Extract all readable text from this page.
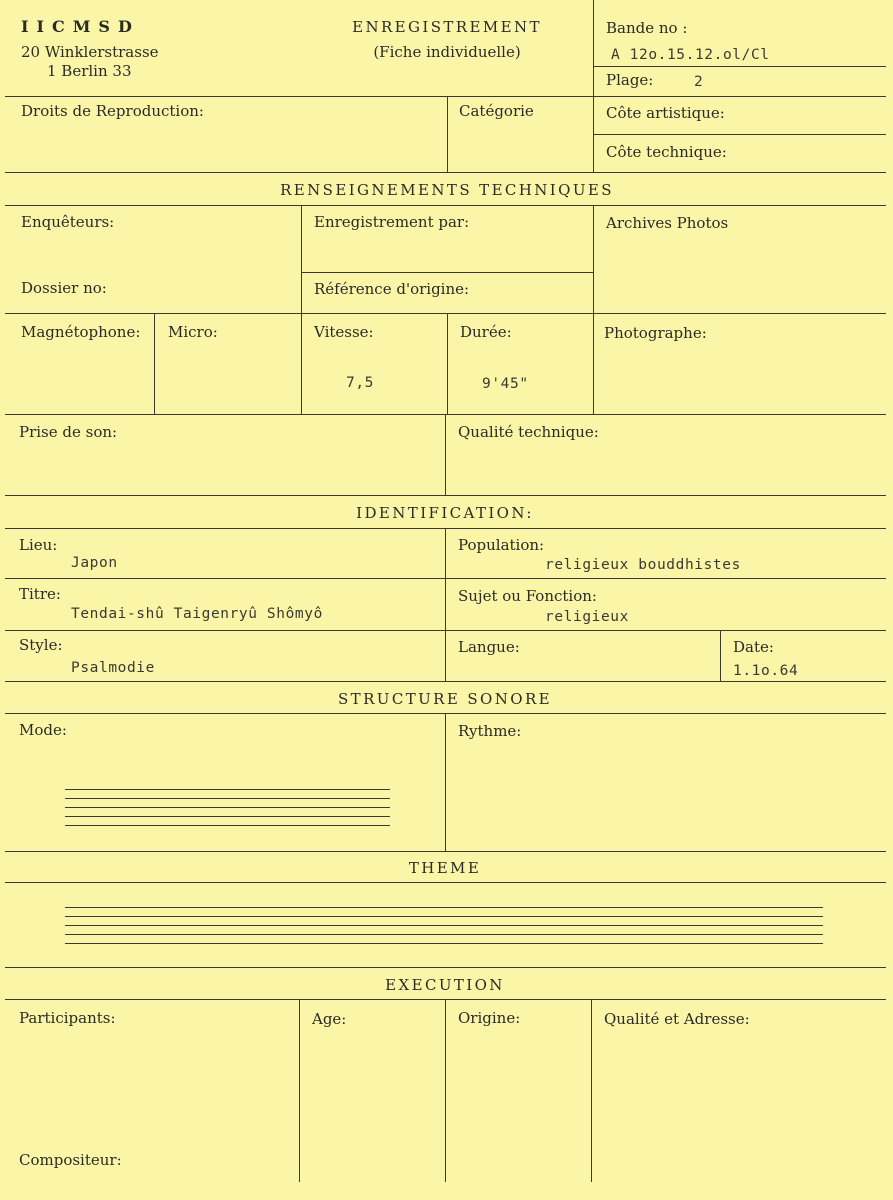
IICMSD
20 Winklerstrasse
1 Berlin 33
ENREGISTREMENT
(Fiche individuelle)
Bande no :
A 12o.15.12.ol/Cl
Plage:	2
Droits de Reproduction:	Catégorie	Côte artistique:
Côte technique:
RENSEIGNEMENTS TECHNIQUES
Enquêteurs:	Enregistrement par:	Archives Photos
Dossier no:	Référence d'origine:
Magnétophone: Micro:	Vitesse:
7,5
Durée:
9'45"
Photographe:
Prise de son:	Qualité technique:
IDENTIFICATION:
Lieu:
Japon
Population:
religieux bouddhistes
Titre:
Tendai-shû Taigenryû Shômyô
Sujet ou Fonction:
religieux
Style:
Psalmodie
Langue:	Date:
1.1o.64
STRUCTURE SONORE
Mode:	Rythme:
THEME
EXECUTION
Participants:	Age:	Origine:	Qualité et Adresse:
Compositeur:
